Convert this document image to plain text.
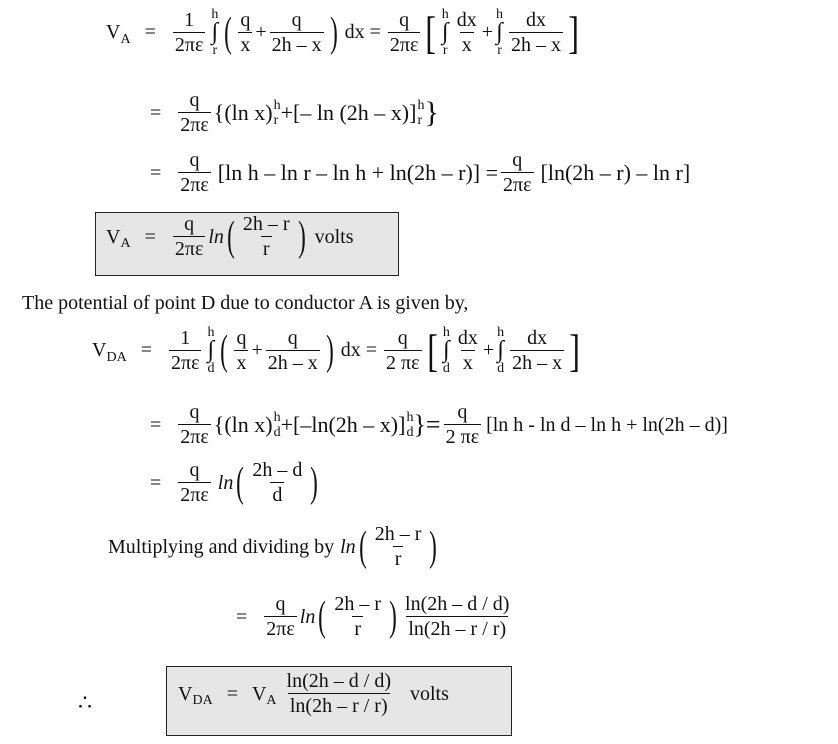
V A =
1
2πε
h
∫
r ( q
x
+ $\frac{q}{2h - x}$ ) dx = $\frac{q}{2\pi\varepsilon}$ [ h
∫
r
dx
x
+
h
∫
r
dx
2h – x ]
=
q
2πε {(ln x) h
r +[– ln (2h – x)] h
r }
=
q
2πε [ln $h - \ln r - \ln h + \ln(2h - r)] = \frac{q}{2\pi\varepsilon} [\ln(2h - r) - \ln r]$
V A =
q
2πε
ln ( 2h – r
r ) volts
The potential of point D due to conductor A is given by,
V DA =
1
2πε
h
∫
d ( q
x
+ $\frac{q}{2h - x}$ ) dx = $\frac{q}{2 \pi\varepsilon}$ [ h
∫
d
dx
x
+
h
∫
d
dx
2h – x ]
=
q
2πε {(ln x) h
d +[–ln(2h – x)] h
d }= $\frac{q}{2 \pi\varepsilon} [\ln$ h - ln d – ln h + ln(2h – d)]
=
q
2πε
ln ( 2h – d
d )
Multiplying and dividing by ln ( 2h – r
r )
=
q
2πε
ln ( 2h – r
r ) ln(2h – d / d)
ln(2h – r / r)
∴	V DA = V A
ln(2h – d / d)
ln(2h – r / r)
volts
